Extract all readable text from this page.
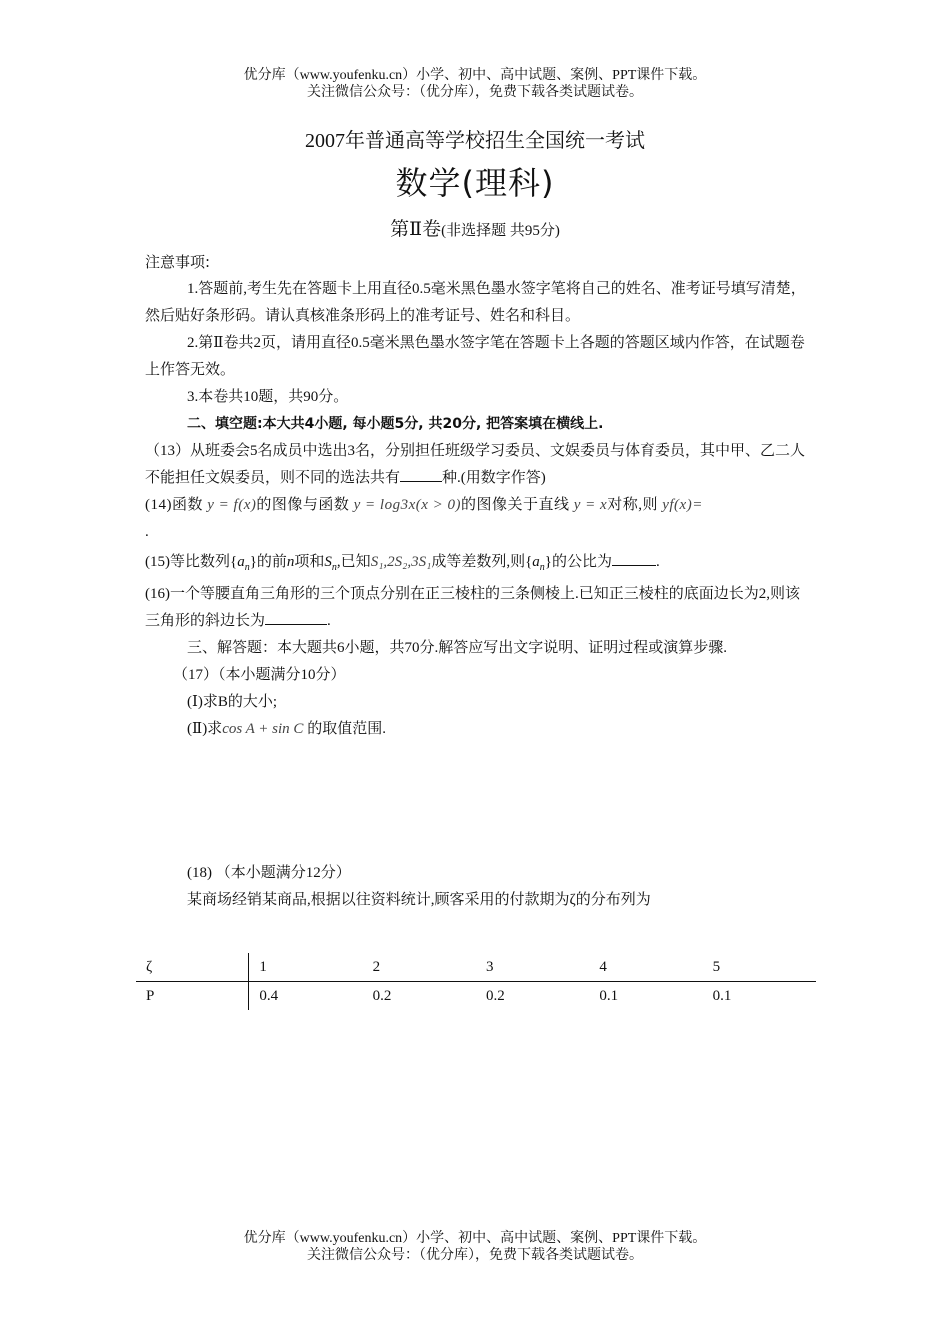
优分库（www.youfenku.cn）小学、初中、高中试题、案例、PPT课件下载。
关注微信公众号：（优分库），免费下载各类试题试卷。
2007年普通高等学校招生全国统一考试
数学(理科)
第Ⅱ卷(非选择题 共95分)

注意事项:

1.答题前,考生先在答题卡上用直径0.5毫米黑色墨水签字笔将自己的姓名、准考证号填写清楚，然后贴好条形码。请认真核准条形码上的准考证号、姓名和科目。

2.第Ⅱ卷共2页，请用直径0.5毫米黑色墨水签字笔在答题卡上各题的答题区域内作答，在试题卷上作答无效。

3.本卷共10题，共90分。

二、填空题:本大共4小题, 每小题5分, 共20分, 把答案填在横线上.

（13）从班委会5名成员中选出3名，分别担任班级学习委员、文娱委员与体育委员，其中甲、乙二人不能担任文娱委员，则不同的选法共有	种.(用数字作答)

(14)函数 y = f(x)的图像与函数 y = log3x(x > 0)的图像关于直线 y = x对称,则 yf(x)=
.

(15)等比数列$\{a_n\}$的前n项和$S_n$,已知S₁,2S₂,3S₁成等差数列,则$\{a_n\}$的公比为	.

(16)一个等腰直角三角形的三个顶点分别在正三棱柱的三条侧棱上.已知正三棱柱的底面边长为2,则该三角形的斜边长为	.

三、解答题：本大题共6小题，共70分.解答应写出文字说明、证明过程或演算步骤.

（17）（本小题满分10分）

(Ⅰ)求B的大小;

(Ⅱ)求cos A + sin C 的取值范围.

(18) （本小题满分12分）

某商场经销某商品,根据以往资料统计,顾客采用的付款期为ζ的分布列为

ζ	1	2	3	4	5
P	0.4	0.2	0.2	0.1	0.1
优分库（www.youfenku.cn）小学、初中、高中试题、案例、PPT课件下载。
关注微信公众号：（优分库），免费下载各类试题试卷。
